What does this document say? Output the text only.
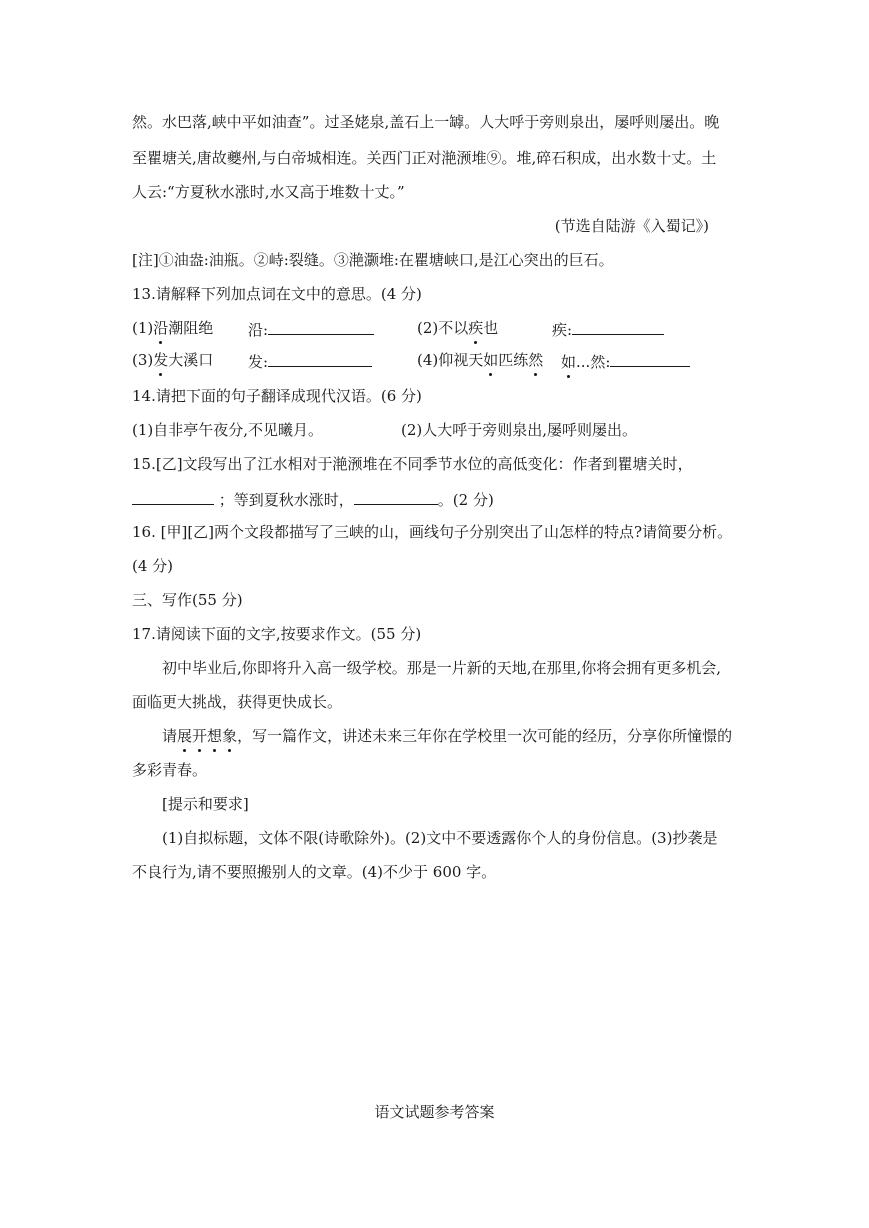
然。水巴落,峡中平如油查”。过圣姥泉,盖石上一罅。人大呼于旁则泉出，屡呼则屡出。晚
至瞿塘关,唐故夔州,与白帝城相连。关西门正对滟滪堆⑨。堆,碎石积成，出水数十丈。土
人云:“方夏秋水涨时,水又高于堆数十丈。”
(节选自陆游《入蜀记》)
[注]①油盎:油瓶。②峙:裂缝。③滟灏堆:在瞿塘峡口,是江心突出的巨石。
13.请解释下列加点词在文中的意思。(4 分)
(1)沿潮阻绝 沿:	(2)不以疾也	疾:
(3)发大溪口 发:	(4)仰视天如匹练然 如...然:
14.请把下面的句子翻译成现代汉语。(6 分)
(1)自非亭午夜分,不见曦月。	(2)人大呼于旁则泉出,屡呼则屡出。
15.[乙]文段写出了江水相对于滟滪堆在不同季节水位的高低变化：作者到瞿塘关时，
；等到夏秋水涨时，	。(2 分)
16. [甲][乙]两个文段都描写了三峡的山，画线句子分别突出了山怎样的特点?请简要分析。
(4 分)
三、写作(55 分)
17.请阅读下面的文字,按要求作文。(55 分)
初中毕业后,你即将升入高一级学校。那是一片新的天地,在那里,你将会拥有更多机会,
面临更大挑战，获得更快成长。
请展开想象，写一篇作文，讲述未来三年你在学校里一次可能的经历，分享你所憧憬的
多彩青春。
[提示和要求]
(1)自拟标题，文体不限(诗歌除外)。(2)文中不要透露你个人的身份信息。(3)抄袭是
不良行为,请不要照搬别人的文章。(4)不少于 600 字。
语文试题参考答案
